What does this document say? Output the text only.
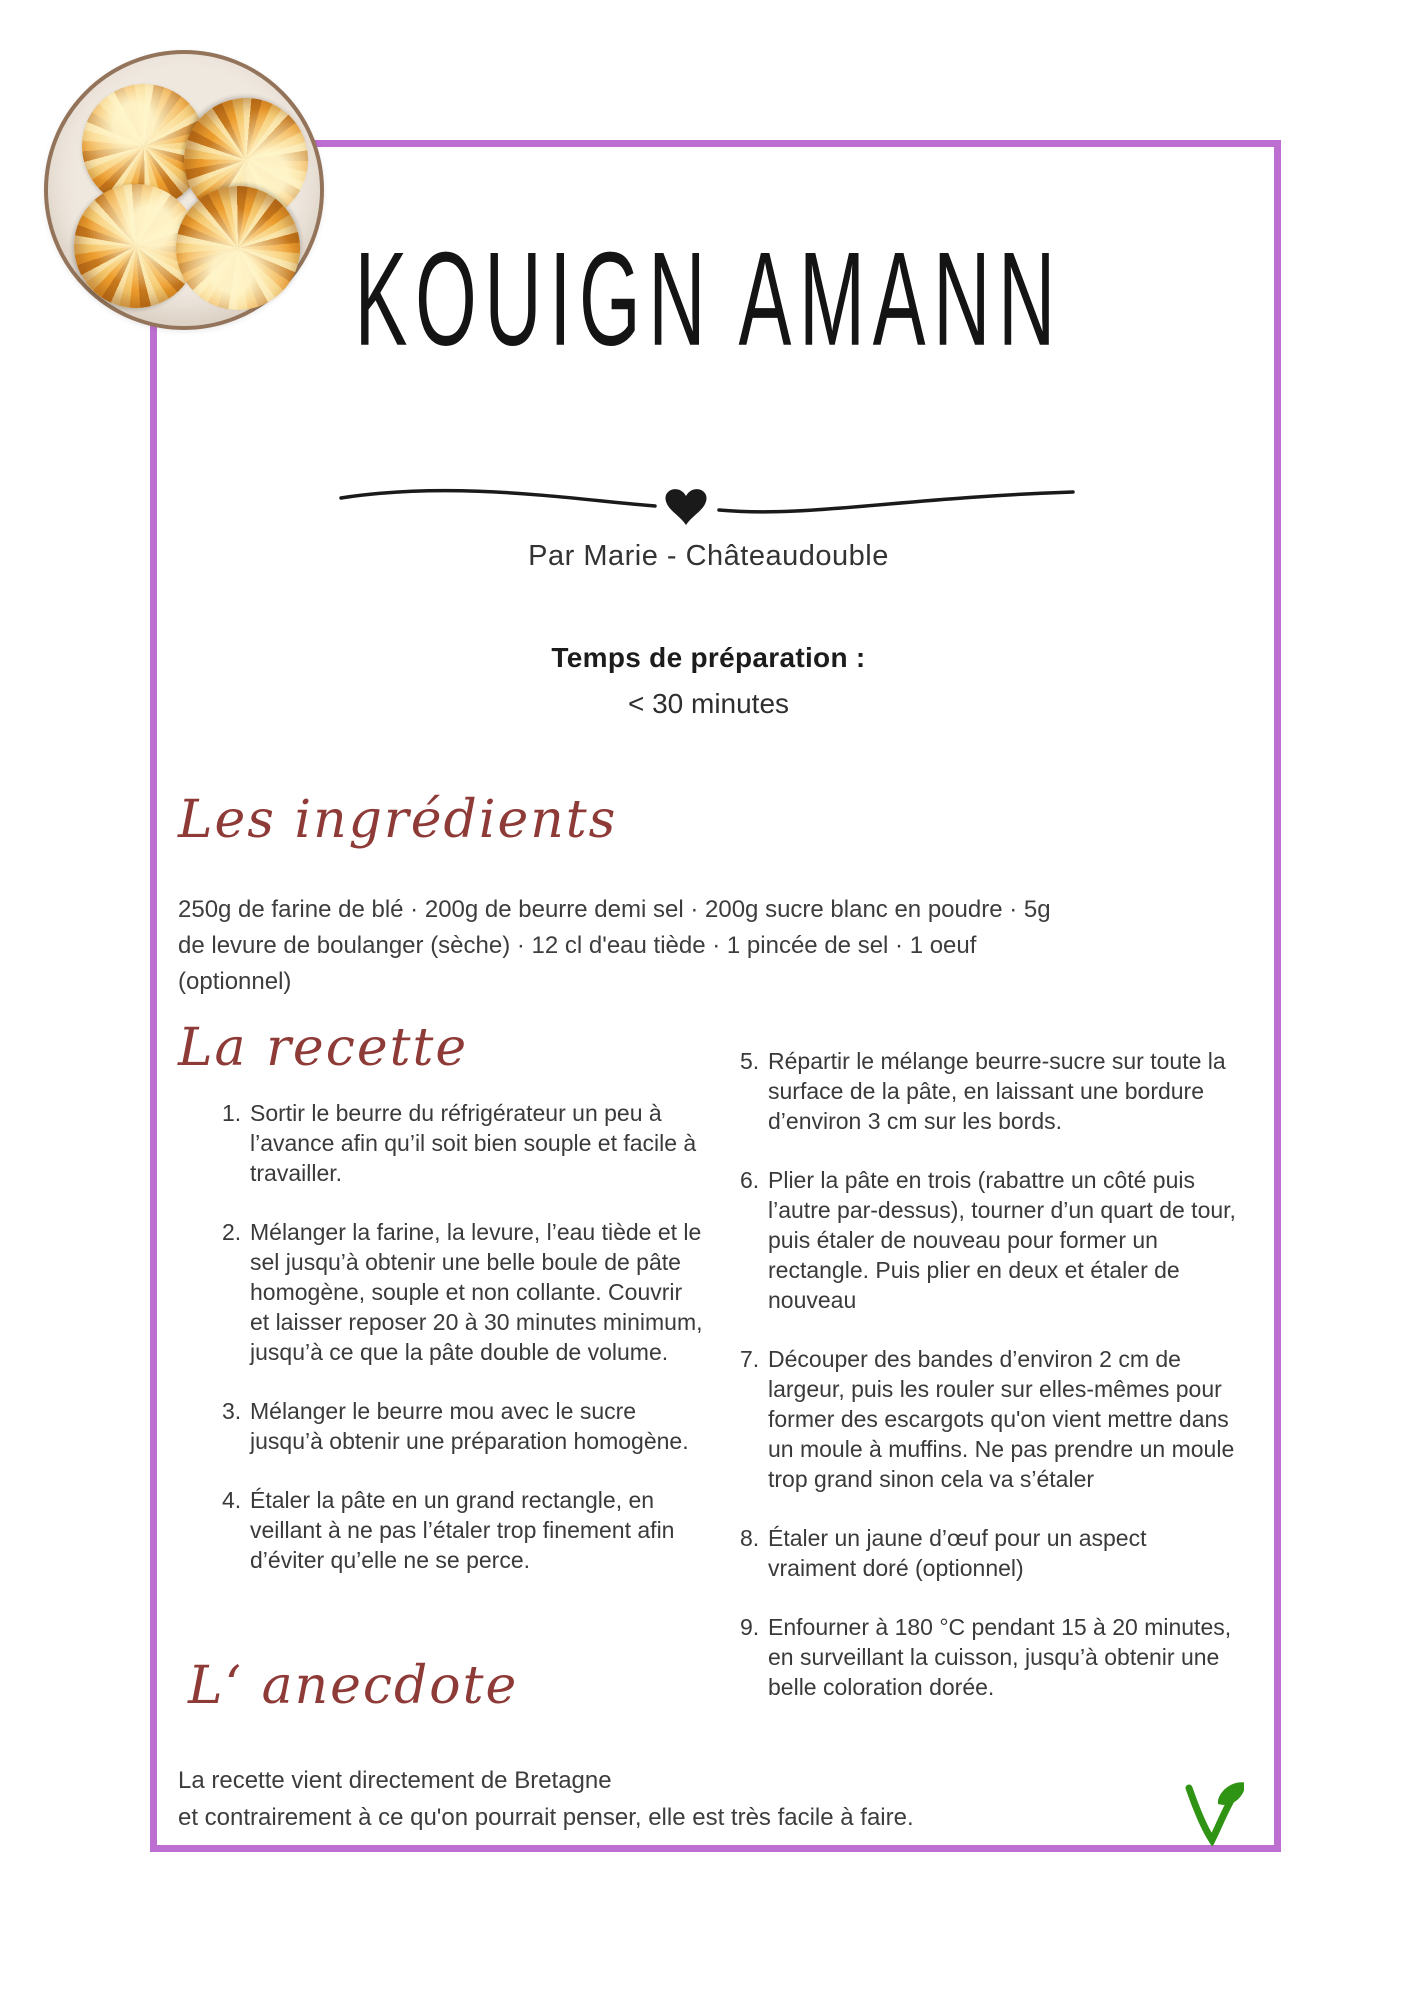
KOUIGN AMANN
Par Marie - Châteaudouble
Temps de préparation :
< 30 minutes
Les ingrédients
250g de farine de blé · 200g de beurre demi sel · 200g sucre blanc en poudre · 5g
de levure de boulanger (sèche) · 12 cl d'eau tiède · 1 pincée de sel · 1 oeuf
(optionnel)
La recette
1. Sortir le beurre du réfrigérateur un peu à l’avance afin qu’il soit bien souple et facile à travailler.
2. Mélanger la farine, la levure, l’eau tiède et le sel jusqu’à obtenir une belle boule de pâte homogène, souple et non collante. Couvrir et laisser reposer 20 à 30 minutes minimum, jusqu’à ce que la pâte double de volume.
3. Mélanger le beurre mou avec le sucre jusqu’à obtenir une préparation homogène.
4. Étaler la pâte en un grand rectangle, en veillant à ne pas l’étaler trop finement afin d’éviter qu’elle ne se perce.
5. Répartir le mélange beurre-sucre sur toute la surface de la pâte, en laissant une bordure d’environ 3 cm sur les bords.
6. Plier la pâte en trois (rabattre un côté puis l’autre par-dessus), tourner d’un quart de tour, puis étaler de nouveau pour former un rectangle. Puis plier en deux et étaler de nouveau
7. Découper des bandes d’environ 2 cm de largeur, puis les rouler sur elles-mêmes pour former des escargots qu'on vient mettre dans un moule à muffins. Ne pas prendre un moule trop grand sinon cela va s’étaler
8. Étaler un jaune d’œuf pour un aspect vraiment doré (optionnel)
9. Enfourner à 180 °C pendant 15 à 20 minutes, en surveillant la cuisson, jusqu’à obtenir une belle coloration dorée.
L‘ anecdote
La recette vient directement de Bretagne
et contrairement à ce qu'on pourrait penser, elle est très facile à faire.
